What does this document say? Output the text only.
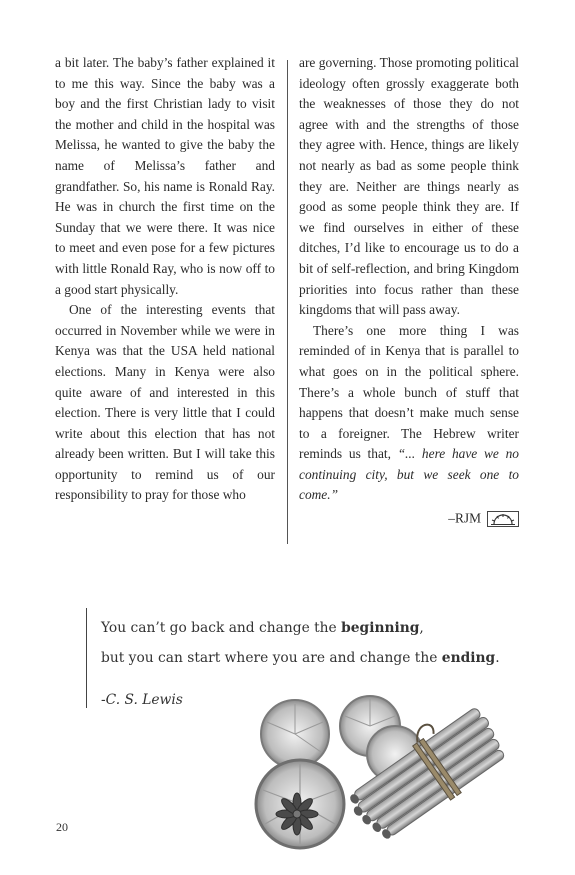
a bit later. The baby’s father explained it to me this way. Since the baby was a boy and the first Christian lady to visit the mother and child in the hospital was Melissa, he wanted to give the baby the name of Melissa’s father and grandfather. So, his name is Ronald Ray. He was in church the first time on the Sunday that we were there. It was nice to meet and even pose for a few pictures with little Ronald Ray, who is now off to a good start physically.

One of the interesting events that occurred in November while we were in Kenya was that the USA held national elections. Many in Kenya were also quite aware of and interested in this election. There is very little that I could write about this election that has not already been written. But I will take this opportunity to remind us of our responsibility to pray for those who

are governing. Those promoting political ideology often grossly exaggerate both the weaknesses of those they do not agree with and the strengths of those they agree with. Hence, things are likely not nearly as bad as some people think they are. Neither are things nearly as good as some people think they are. If we find ourselves in either of these ditches, I’d like to encourage us to do a bit of self-reflection, and bring Kingdom priorities into focus rather than these kingdoms that will pass away.

There’s one more thing I was reminded of in Kenya that is parallel to what goes on in the political sphere. There’s a whole bunch of stuff that happens that doesn’t make much sense to a foreigner. The Hebrew writer reminds us that, “... here have we no continuing city, but we seek one to come.”

–RJM
You can’t go back and change the beginning,
but you can start where you are and change the ending.
-C. S. Lewis
20
